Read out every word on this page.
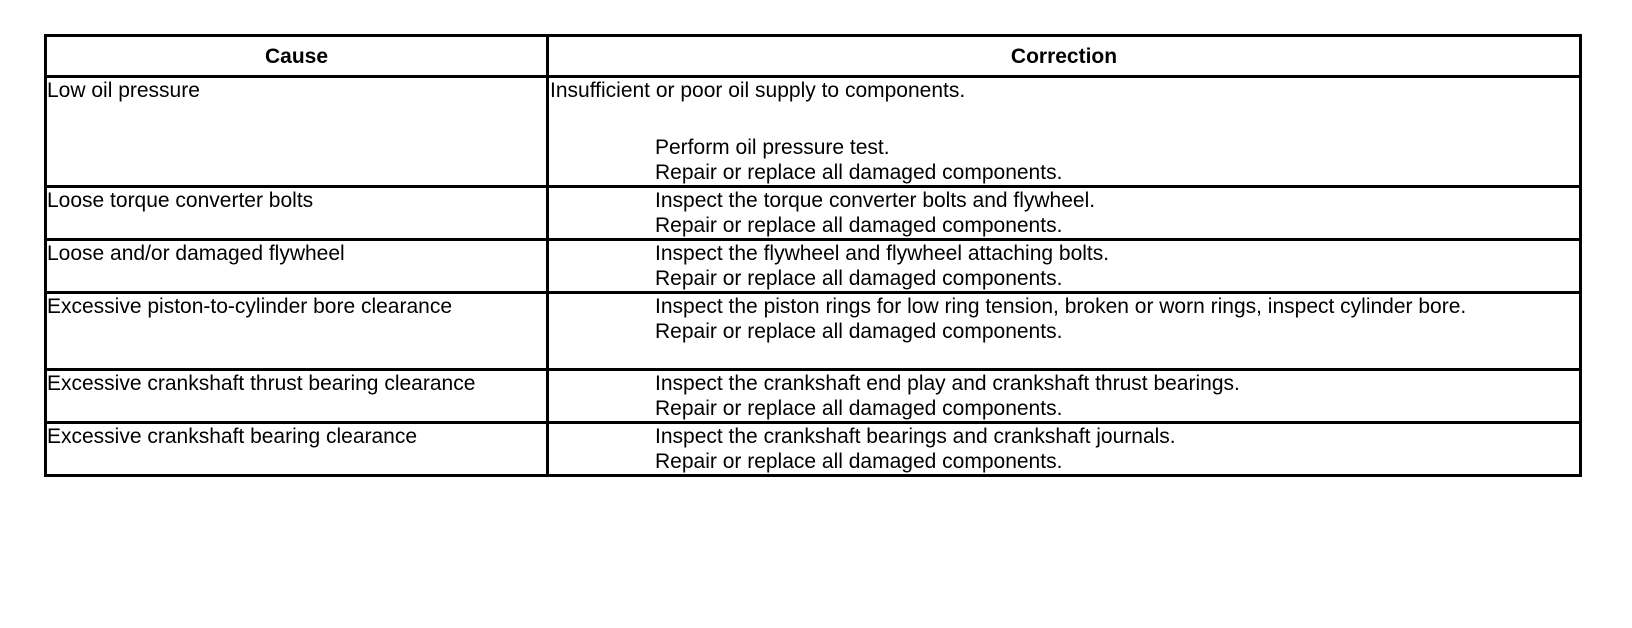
Cause	Correction
Low oil pressure	Insufficient or poor oil supply to components.
Perform oil pressure test.
Repair or replace all damaged components.

Loose torque converter bolts	Inspect the torque converter bolts and flywheel.
Repair or replace all damaged components.

Loose and/or damaged flywheel	Inspect the flywheel and flywheel attaching bolts.
Repair or replace all damaged components.

Excessive piston-to-cylinder bore clearance	Inspect the piston rings for low ring tension, broken or worn rings, inspect cylinder bore.
Repair or replace all damaged components.

Excessive crankshaft thrust bearing clearance	Inspect the crankshaft end play and crankshaft thrust bearings.
Repair or replace all damaged components.

Excessive crankshaft bearing clearance	Inspect the crankshaft bearings and crankshaft journals.
Repair or replace all damaged components.
